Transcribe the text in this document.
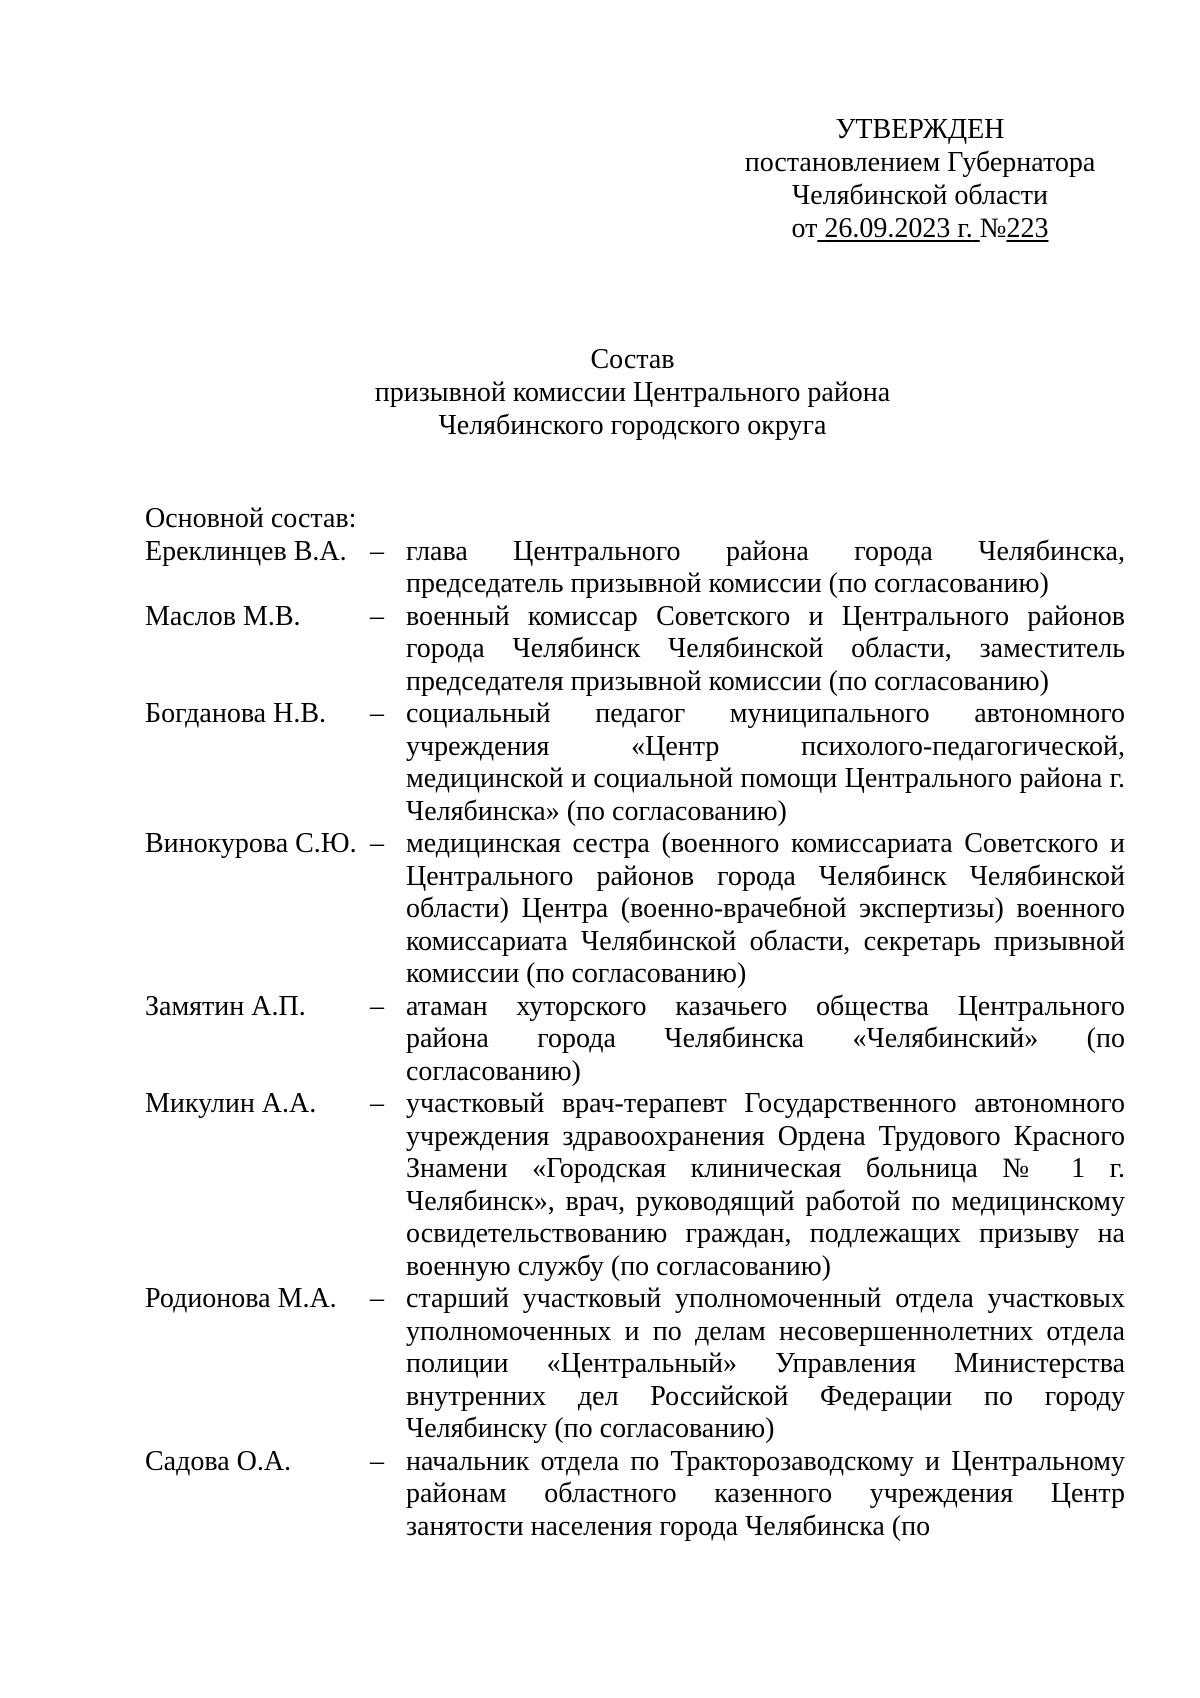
УТВЕРЖДЕН
постановлением Губернатора
Челябинской области
от 26.09.2023 г. №223
Состав
призывной комиссии Центрального района
Челябинского городского округа
Основной состав:
Ереклинцев В.А. – глава Центрального района города Челябинска, председатель призывной комиссии (по согласованию)
Маслов М.В.	– военный комиссар Советского и Центрального районов города Челябинск Челябинской области, заместитель председателя призывной комиссии (по согласованию)
Богданова Н.В.	– социальный педагог муниципального автономного учреждения «Центр психолого-педагогической, медицинской и социальной помощи Центрального района г. Челябинска» (по согласованию)
Винокурова С.Ю. – медицинская сестра (военного комиссариата Советского и Центрального районов города Челябинск Челябинской области) Центра (военно-врачебной экспертизы) военного комиссариата Челябинской области, секретарь призывной комиссии (по согласованию)
Замятин А.П.	– атаман хуторского казачьего общества Центрального района города Челябинска «Челябинский» (по согласованию)
Микулин А.А.	– участковый врач-терапевт Государственного автономного учреждения здравоохранения Ордена Трудового Красного Знамени «Городская клиническая больница № 1 г. Челябинск», врач, руководящий работой по медицинскому освидетельствованию граждан, подлежащих призыву на военную службу (по согласованию)
Родионова М.А.	– старший участковый уполномоченный отдела участковых уполномоченных и по делам несовершеннолетних отдела полиции «Центральный» Управления Министерства внутренних дел Российской Федерации по городу Челябинску (по согласованию)
Садова О.А.	– начальник отдела по Тракторозаводскому и Центральному районам областного казенного учреждения Центр занятости населения города Челябинска (по
